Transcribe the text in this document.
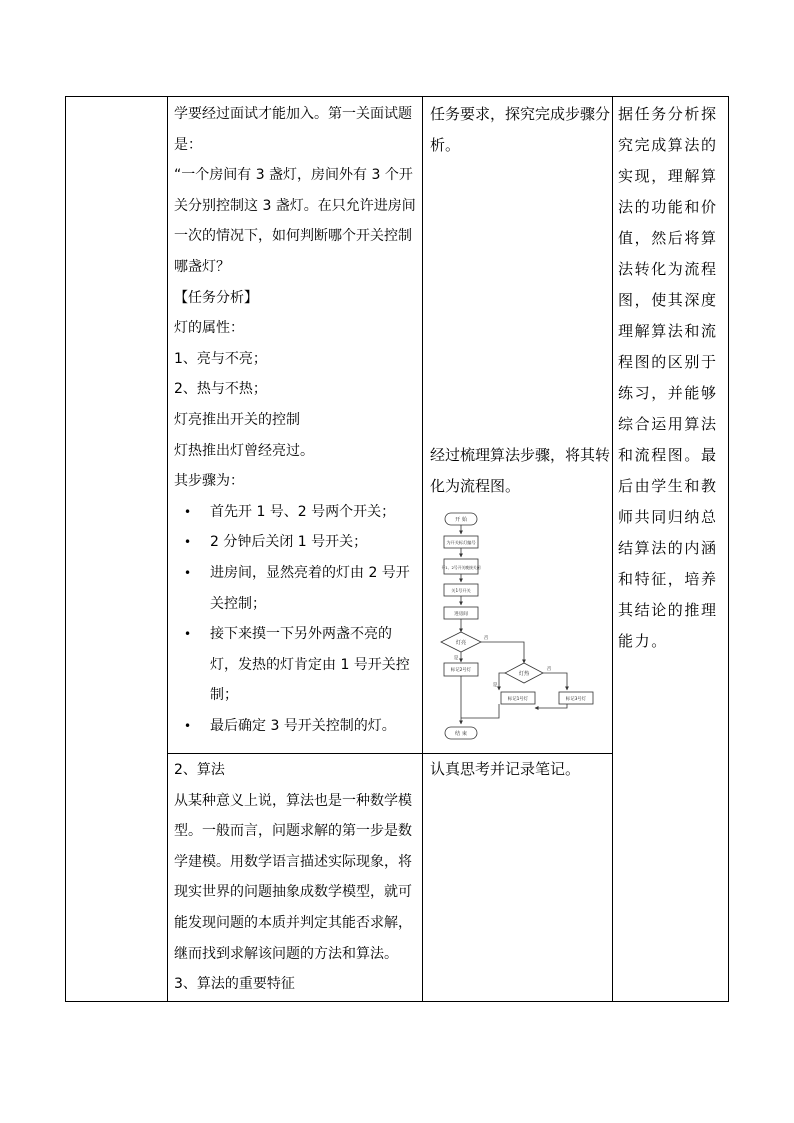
学要经过面试才能加入。第一关面试题是：
“一个房间有 3 盏灯，房间外有 3 个开关分别控制这 3 盏灯。在只允许进房间一次的情况下，如何判断哪个开关控制哪盏灯？
【任务分析】
灯的属性：
1、亮与不亮；
2、热与不热；
灯亮推出开关的控制
灯热推出灯曾经亮过。
其步骤为：
• 首先开 1 号、2 号两个开关；
• 2 分钟后关闭 1 号开关；
• 进房间，显然亮着的灯由 2 号开关控制；
• 接下来摸一下另外两盏不亮的灯，发热的灯肯定由 1 号开关控制；
• 最后确定 3 号开关控制的灯。
2、算法
从某种意义上说，算法也是一种数学模型。一般而言，问题求解的第一步是数学建模。用数学语言描述实际现象，将现实世界的问题抽象成数学模型，就可能发现问题的本质并判定其能否求解，继而找到求解该问题的方法和算法。
3、算法的重要特征
任务要求，探究完成步骤分析。
经过梳理算法步骤，将其转化为流程图。
认真思考并记录笔记。
据任务分析探究完成算法的实现，理解算法的功能和价值，然后将算法转化为流程图，使其深度理解算法和流程图的区别于练习，并能够综合运用算法和流程图。最后由学生和教师共同归纳总结算法的内涵和特征，培养其结论的推理能力。
开 始
为开关标灯编号
开1、2号开关晚接关闭
关1号开关
进房间
灯亮
标记2号灯
灯热
标记1号灯	标记3号灯
结 束
否
是
否
是
